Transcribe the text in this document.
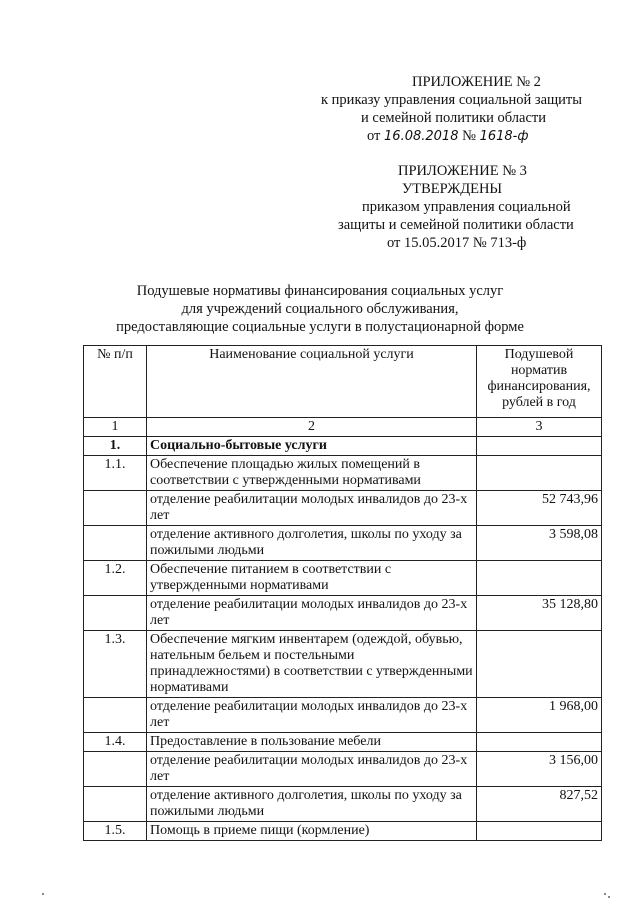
ПРИЛОЖЕНИЕ № 2
к приказу управления социальной защиты
и семейной политики области
от 16.08.2018 № 1618-ф
ПРИЛОЖЕНИЕ № 3
УТВЕРЖДЕНЫ
приказом управления социальной
защиты и семейной политики области
от 15.05.2017 № 713-ф
Подушевые нормативы финансирования социальных услуг
для учреждений социального обслуживания,
предоставляющие социальные услуги в полустационарной форме
№ п/п	Наименование социальной услуги	Подушевой норматив финансирования, рублей в год
1	2	3
1.	Социально-бытовые услуги	
1.1.	Обеспечение площадью жилых помещений в соответствии с утвержденными нормативами	
	отделение реабилитации молодых инвалидов до 23-х лет	52 743,96
	отделение активного долголетия, школы по уходу за пожилыми людьми	3 598,08
1.2.	Обеспечение питанием в соответствии с утвержденными нормативами	
	отделение реабилитации молодых инвалидов до 23-х лет	35 128,80
1.3.	Обеспечение мягким инвентарем (одеждой, обувью, нательным бельем и постельными принадлежностями) в соответствии с утвержденными нормативами	
	отделение реабилитации молодых инвалидов до 23-х лет	1 968,00
1.4.	Предоставление в пользование мебели	
	отделение реабилитации молодых инвалидов до 23-х лет	3 156,00
	отделение активного долголетия, школы по уходу за пожилыми людьми	827,52
1.5.	Помощь в приеме пищи (кормление)	
